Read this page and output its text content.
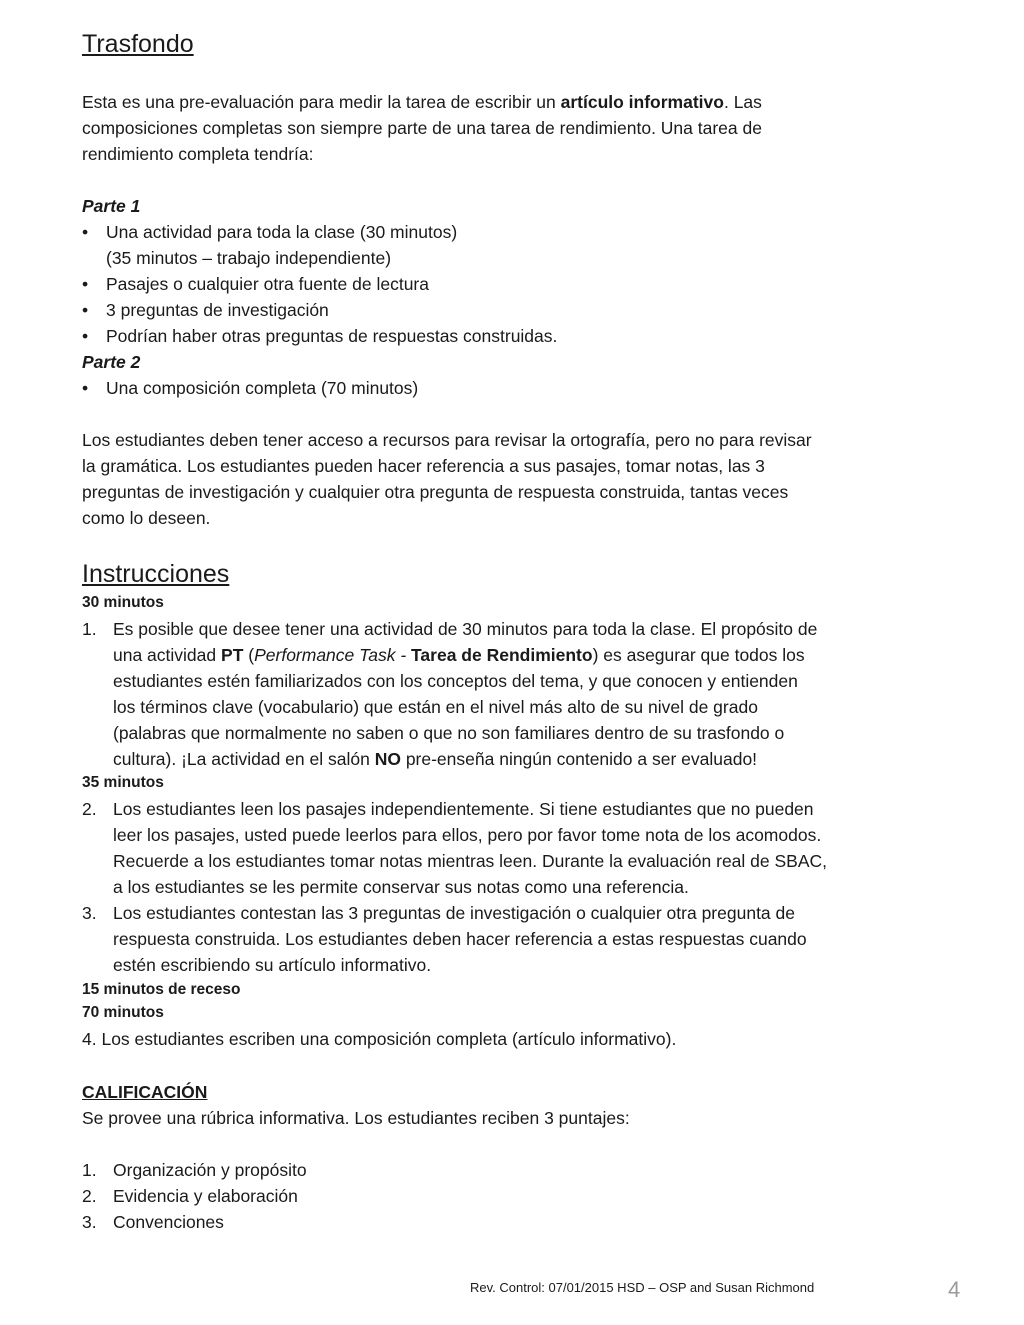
Trasfondo
Esta es una pre-evaluación para medir la tarea de escribir un artículo informativo. Las
composiciones completas son siempre parte de una tarea de rendimiento. Una tarea de
rendimiento completa tendría:
Parte 1
• Una actividad para toda la clase (30 minutos)
(35 minutos – trabajo independiente)
• Pasajes o cualquier otra fuente de lectura
• 3 preguntas de investigación
• Podrían haber otras preguntas de respuestas construidas.
Parte 2
• Una composición completa (70 minutos)
Los estudiantes deben tener acceso a recursos para revisar la ortografía, pero no para revisar
la gramática. Los estudiantes pueden hacer referencia a sus pasajes, tomar notas, las 3
preguntas de investigación y cualquier otra pregunta de respuesta construida, tantas veces
como lo deseen.
Instrucciones
30 minutos
1. Es posible que desee tener una actividad de 30 minutos para toda la clase. El propósito de
una actividad PT (Performance Task - Tarea de Rendimiento) es asegurar que todos los
estudiantes estén familiarizados con los conceptos del tema, y que conocen y entienden
los términos clave (vocabulario) que están en el nivel más alto de su nivel de grado
(palabras que normalmente no saben o que no son familiares dentro de su trasfondo o
cultura). ¡La actividad en el salón NO pre-enseña ningún contenido a ser evaluado!
35 minutos
2. Los estudiantes leen los pasajes independientemente. Si tiene estudiantes que no pueden
leer los pasajes, usted puede leerlos para ellos, pero por favor tome nota de los acomodos.
Recuerde a los estudiantes tomar notas mientras leen. Durante la evaluación real de SBAC,
a los estudiantes se les permite conservar sus notas como una referencia.
3. Los estudiantes contestan las 3 preguntas de investigación o cualquier otra pregunta de
respuesta construida. Los estudiantes deben hacer referencia a estas respuestas cuando
estén escribiendo su artículo informativo.
15 minutos de receso
70 minutos
4. Los estudiantes escriben una composición completa (artículo informativo).
CALIFICACIÓN
Se provee una rúbrica informativa. Los estudiantes reciben 3 puntajes:
1. Organización y propósito
2. Evidencia y elaboración
3. Convenciones
Rev. Control: 07/01/2015 HSD – OSP and Susan Richmond	4
